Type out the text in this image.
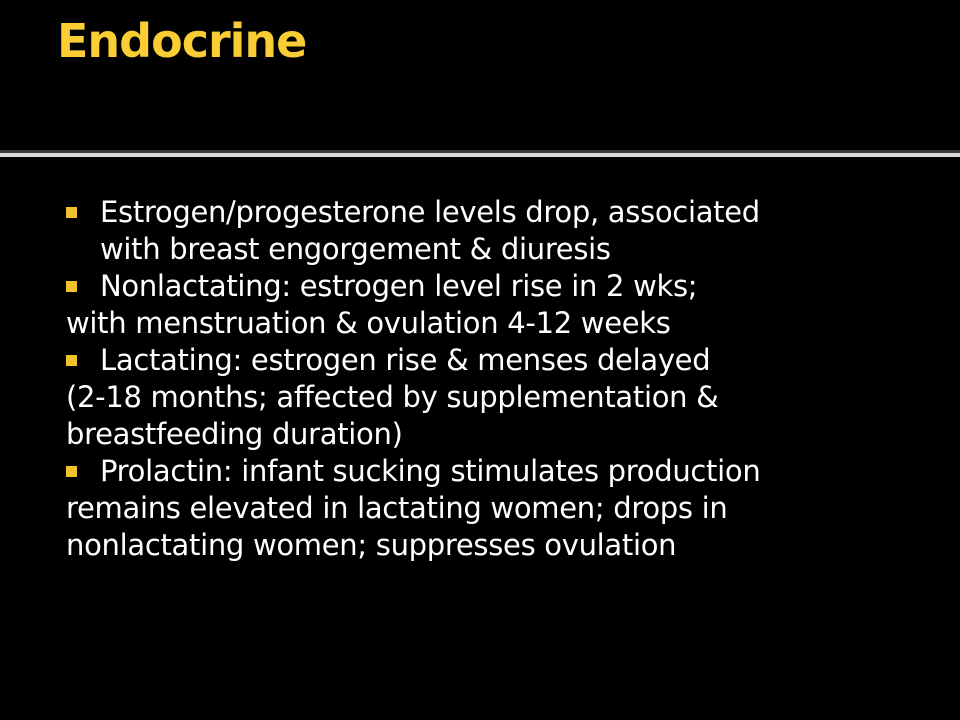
Endocrine
Estrogen/progesterone levels drop, associated
with breast engorgement & diuresis
Nonlactating: estrogen level rise in 2 wks;
with menstruation & ovulation 4-12 weeks
Lactating: estrogen rise & menses delayed
(2-18 months; affected by supplementation &
breastfeeding duration)
Prolactin: infant sucking stimulates production
remains elevated in lactating women; drops in
nonlactating women; suppresses ovulation
